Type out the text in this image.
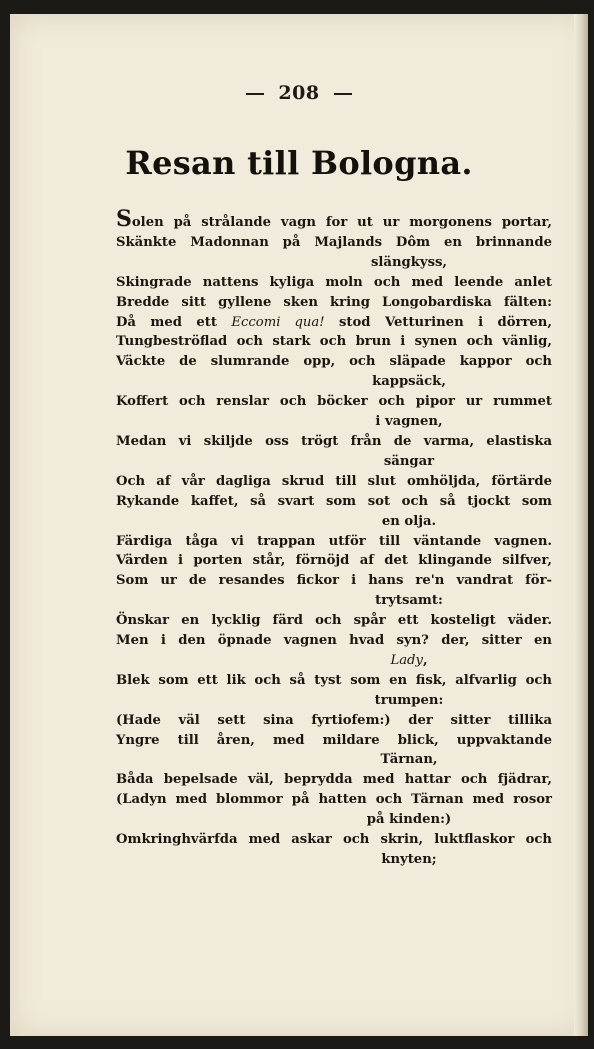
208
Resan till Bologna.
Solen på strålande vagn for ut ur morgonens portar,
Skänkte Madonnan på Majlands Dôm en brinnande
slängkyss,
Skingrade nattens kyliga moln och med leende anlet
Bredde sitt gyllene sken kring Longobardiska fälten:
Då med ett Eccomi qua! stod Vetturinen i dörren,
Tungbeströflad och stark och brun i synen och vänlig,
Väckte de slumrande opp, och släpade kappor och
kappsäck,
Koffert och renslar och böcker och pipor ur rummet
i vagnen,
Medan vi skiljde oss trögt från de varma, elastiska
sängar
Och af vår dagliga skrud till slut omhöljda, förtärde
Rykande kaffet, så svart som sot och så tjockt som
en olja.
Färdiga tåga vi trappan utför till väntande vagnen.
Värden i porten står, förnöjd af det klingande silfver,
Som ur de resandes fickor i hans re'n vandrat för-
trytsamt:
Önskar en lycklig färd och spår ett kosteligt väder.
Men i den öpnade vagnen hvad syn? der, sitter en
Lady,
Blek som ett lik och så tyst som en fisk, alfvarlig och
trumpen:
(Hade väl sett sina fyrtiofem:) der sitter tillika
Yngre till åren, med mildare blick, uppvaktande
Tärnan,
Båda bepelsade väl, beprydda med hattar och fjädrar,
(Ladyn med blommor på hatten och Tärnan med rosor
på kinden:)
Omkringhvärfda med askar och skrin, luktflaskor och
knyten;
